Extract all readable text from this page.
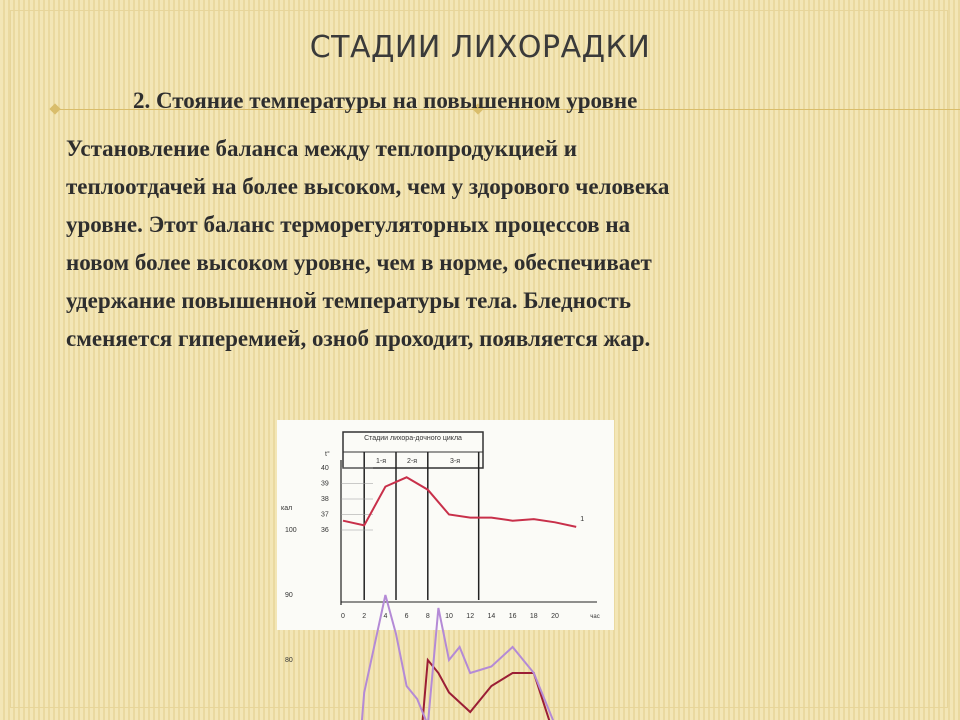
СТАДИИ ЛИХОРАДКИ
2. Стояние температуры на повышенном уровне
Установление баланса между теплопродукцией и
теплоотдачей на более высоком, чем у здорового человека
уровне. Этот баланс терморегуляторных процессов на
новом более высоком уровне, чем в норме, обеспечивает
удержание повышенной температуры тела. Бледность
сменяется гиперемией, озноб проходит, появляется жар.
Стадии лихора-дочного цикла
1-я	2-я	3-я
t°
40
39
38
37
36
кал
100
90
80
0 2 4 6 8 10 12 14 16 18 20	час
1
